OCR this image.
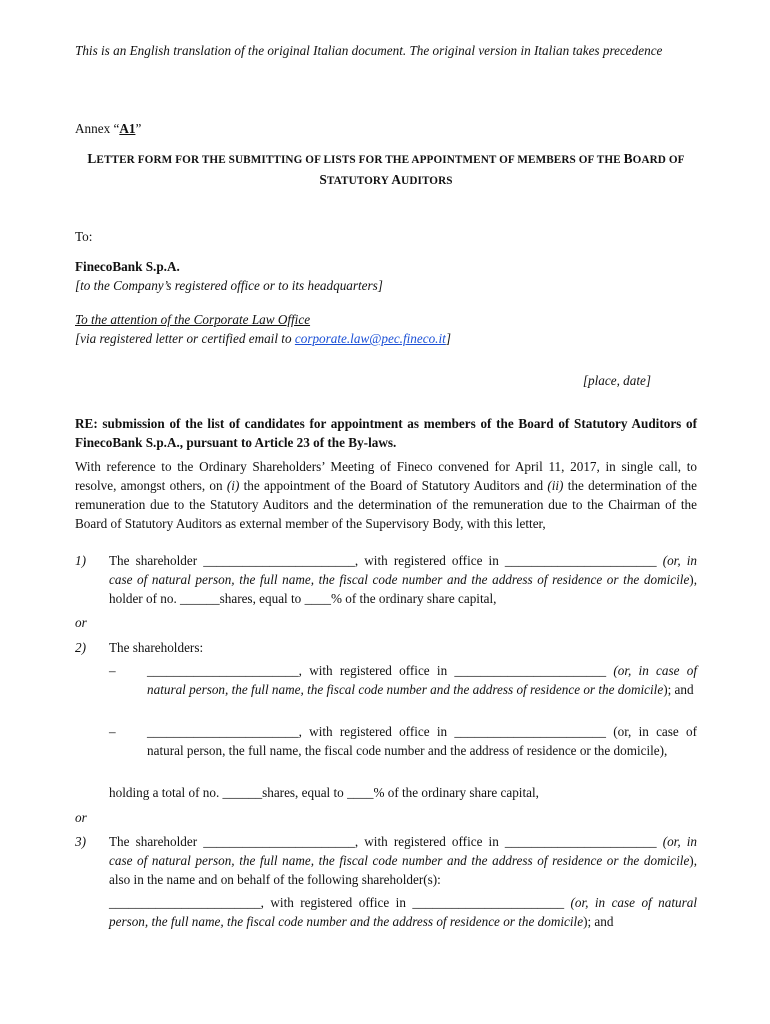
This is an English translation of the original Italian document. The original version in Italian takes precedence
Annex “A1”
LETTER FORM FOR THE SUBMITTING OF LISTS FOR THE APPOINTMENT OF MEMBERS OF THE BOARD OF
STATUTORY AUDITORS
To:
FinecoBank S.p.A.
[to the Company’s registered office or to its headquarters]
To the attention of the Corporate Law Office
[via registered letter or certified email to corporate.law@pec.fineco.it]
[place, date]
RE: submission of the list of candidates for appointment as members of the Board of Statutory Auditors of FinecoBank S.p.A., pursuant to Article 23 of the By-laws.
With reference to the Ordinary Shareholders’ Meeting of Fineco convened for April 11, 2017, in single call, to resolve, amongst others, on (i) the appointment of the Board of Statutory Auditors and (ii) the determination of the remuneration due to the Statutory Auditors and the determination of the remuneration due to the Chairman of the Board of Statutory Auditors as external member of the Supervisory Body, with this letter,
1)	The shareholder _______________________, with registered office in _______________________ (or, in case of natural person, the full name, the fiscal code number and the address of residence or the domicile), holder of no. ______shares, equal to ____% of the ordinary share capital,
or
2)	The shareholders:
–	_______________________, with registered office in _______________________ (or, in case of natural person, the full name, the fiscal code number and the address of residence or the domicile); and
–	_______________________, with registered office in _______________________ (or, in case of natural person, the full name, the fiscal code number and the address of residence or the domicile),
holding a total of no. ______shares, equal to ____% of the ordinary share capital,
or
3)	The shareholder _______________________, with registered office in _______________________ (or, in case of natural person, the full name, the fiscal code number and the address of residence or the domicile), also in the name and on behalf of the following shareholder(s):
_______________________, with registered office in _______________________ (or, in case of natural person, the full name, the fiscal code number and the address of residence or the domicile); and
